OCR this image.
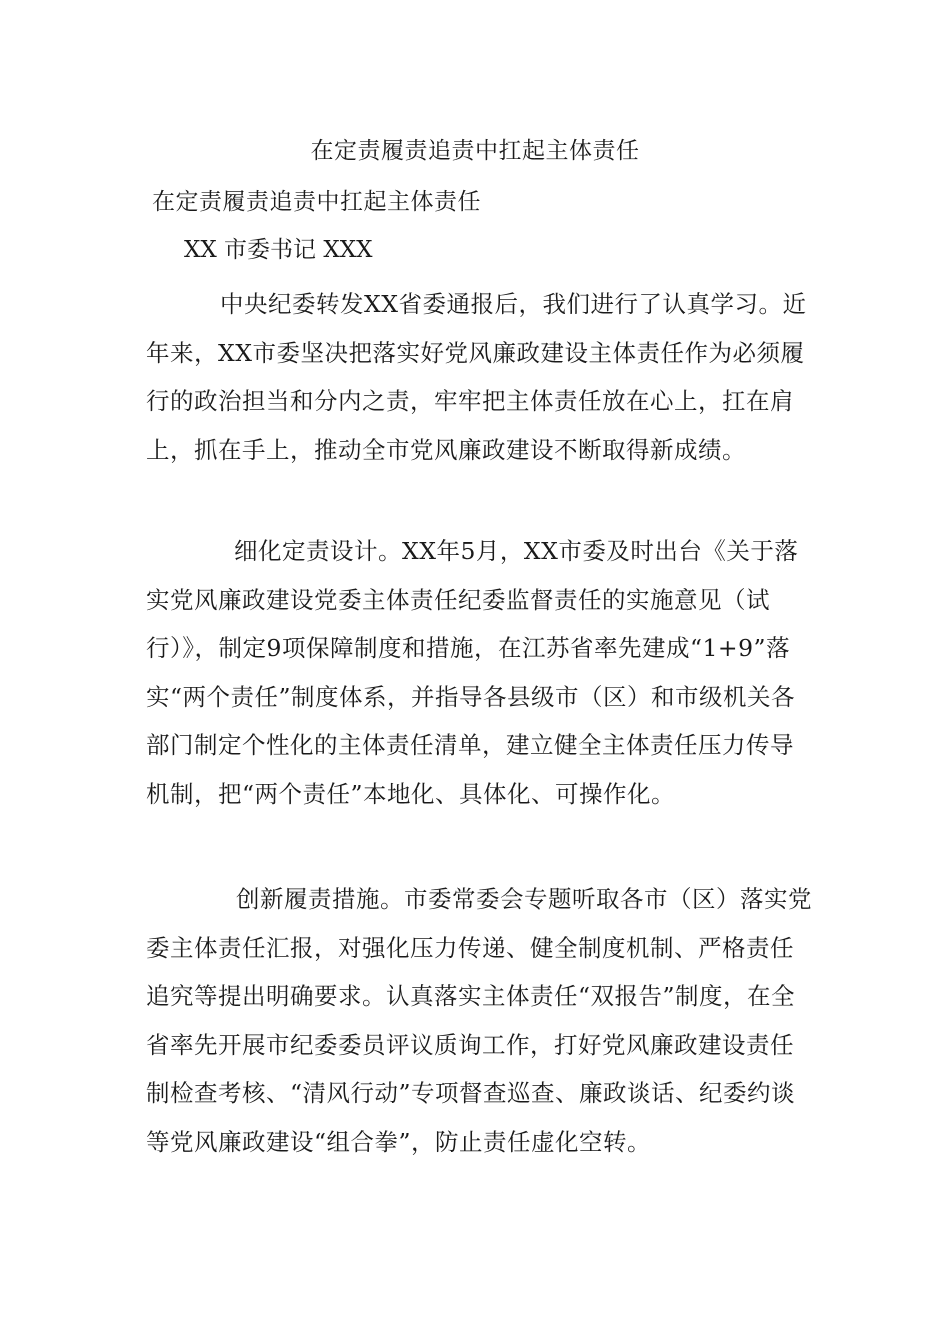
在定责履责追责中扛起主体责任
在定责履责追责中扛起主体责任
XX 市委书记 XXX

中央纪委转发XX省委通报后，我们进行了认真学习。近年来，XX市委坚决把落实好党风廉政建设主体责任作为必须履行的政治担当和分内之责，牢牢把主体责任放在心上，扛在肩上，抓在手上，推动全市党风廉政建设不断取得新成绩。

细化定责设计。XX年5月，XX市委及时出台《关于落实党风廉政建设党委主体责任纪委监督责任的实施意见（试行）》，制定9项保障制度和措施，在江苏省率先建成“1+9”落实“两个责任”制度体系，并指导各县级市（区）和市级机关各部门制定个性化的主体责任清单，建立健全主体责任压力传导机制，把“两个责任”本地化、具体化、可操作化。

创新履责措施。市委常委会专题听取各市（区）落实党委主体责任汇报，对强化压力传递、健全制度机制、严格责任追究等提出明确要求。认真落实主体责任“双报告”制度，在全省率先开展市纪委委员评议质询工作，打好党风廉政建设责任制检查考核、“清风行动”专项督查巡查、廉政谈话、纪委约谈等党风廉政建设“组合拳”，防止责任虚化空转。
